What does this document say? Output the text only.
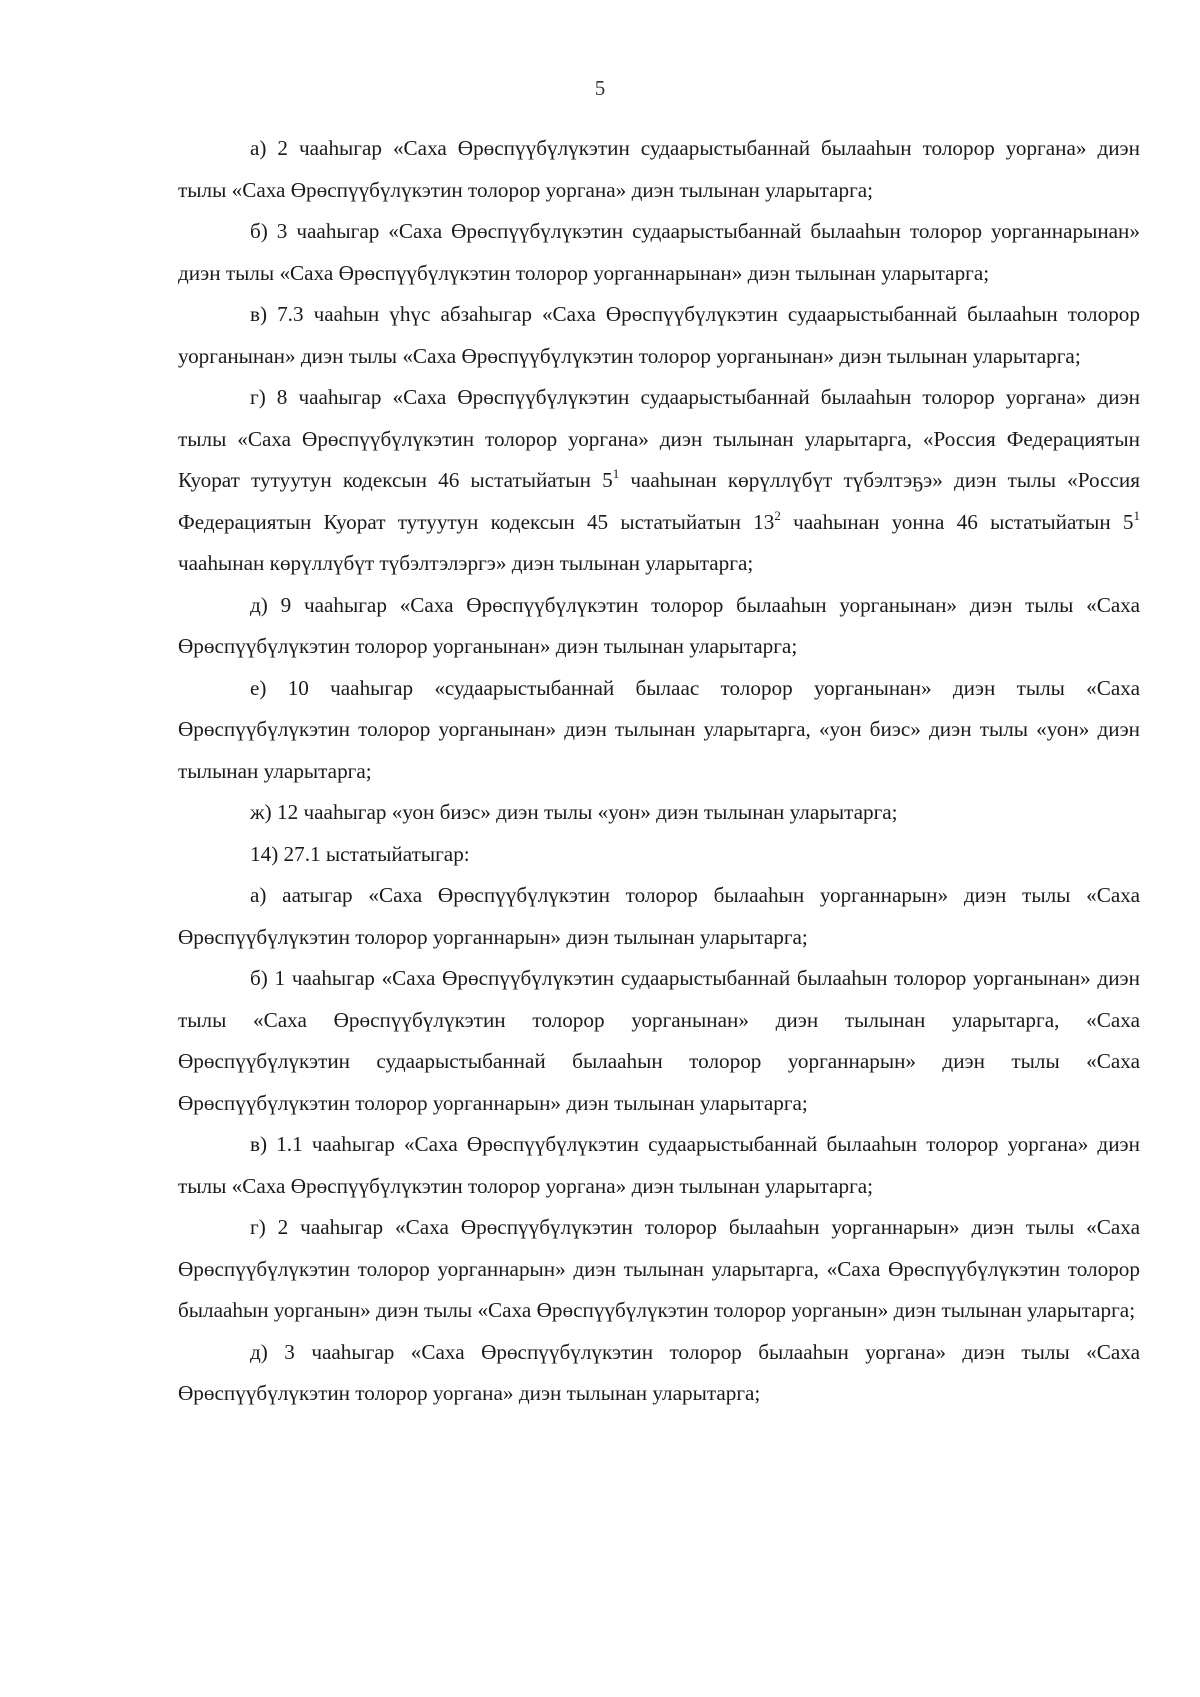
5

а) 2 чааһыгар «Саха Өрөспүүбүлүкэтин судаарыстыбаннай былааһын толорор уоргана» диэн тылы «Саха Өрөспүүбүлүкэтин толорор уоргана» диэн тылынан уларытарга;

б) 3 чааһыгар «Саха Өрөспүүбүлүкэтин судаарыстыбаннай былааһын толорор уорганнарынан» диэн тылы «Саха Өрөспүүбүлүкэтин толорор уорганнарынан» диэн тылынан уларытарга;

в) 7.3 чааһын үһүс абзаһыгар «Саха Өрөспүүбүлүкэтин судаарыстыбаннай былааһын толорор уорганынан» диэн тылы «Саха Өрөспүүбүлүкэтин толорор уорганынан» диэн тылынан уларытарга;

г) 8 чааһыгар «Саха Өрөспүүбүлүкэтин судаарыстыбаннай былааһын толорор уоргана» диэн тылы «Саха Өрөспүүбүлүкэтин толорор уоргана» диэн тылынан уларытарга, «Россия Федерациятын Куорат тутуутун кодексын 46 ыстатыйатын $5^1$ чааһынан көрүллүбүт түбэлтэҕэ» диэн тылы «Россия Федерациятын Куорат тутуутун кодексын 45 ыстатыйатын $13^2$ чааһынан уонна 46 ыстатыйатын $5^1$ чааһынан көрүллүбүт түбэлтэлэргэ» диэн тылынан уларытарга;

д) 9 чааһыгар «Саха Өрөспүүбүлүкэтин толорор былааһын уорганынан» диэн тылы «Саха Өрөспүүбүлүкэтин толорор уорганынан» диэн тылынан уларытарга;

е) 10 чааһыгар «судаарыстыбаннай былаас толорор уорганынан» диэн тылы «Саха Өрөспүүбүлүкэтин толорор уорганынан» диэн тылынан уларытарга, «уон биэс» диэн тылы «уон» диэн тылынан уларытарга;

ж) 12 чааһыгар «уон биэс» диэн тылы «уон» диэн тылынан уларытарга;

14) 27.1 ыстатыйатыгар:

а) аатыгар «Саха Өрөспүүбүлүкэтин толорор былааһын уорганнарын» диэн тылы «Саха Өрөспүүбүлүкэтин толорор уорганнарын» диэн тылынан уларытарга;

б) 1 чааһыгар «Саха Өрөспүүбүлүкэтин судаарыстыбаннай былааһын толорор уорганынан» диэн тылы «Саха Өрөспүүбүлүкэтин толорор уорганынан» диэн тылынан уларытарга, «Саха Өрөспүүбүлүкэтин судаарыстыбаннай былааһын толорор уорганнарын» диэн тылы «Саха Өрөспүүбүлүкэтин толорор уорганнарын» диэн тылынан уларытарга;

в) 1.1 чааһыгар «Саха Өрөспүүбүлүкэтин судаарыстыбаннай былааһын толорор уоргана» диэн тылы «Саха Өрөспүүбүлүкэтин толорор уоргана» диэн тылынан уларытарга;

г) 2 чааһыгар «Саха Өрөспүүбүлүкэтин толорор былааһын уорганнарын» диэн тылы «Саха Өрөспүүбүлүкэтин толорор уорганнарын» диэн тылынан уларытарга, «Саха Өрөспүүбүлүкэтин толорор былааһын уорганын» диэн тылы «Саха Өрөспүүбүлүкэтин толорор уорганын» диэн тылынан уларытарга;

д) 3 чааһыгар «Саха Өрөспүүбүлүкэтин толорор былааһын уоргана» диэн тылы «Саха Өрөспүүбүлүкэтин толорор уоргана» диэн тылынан уларытарга;
